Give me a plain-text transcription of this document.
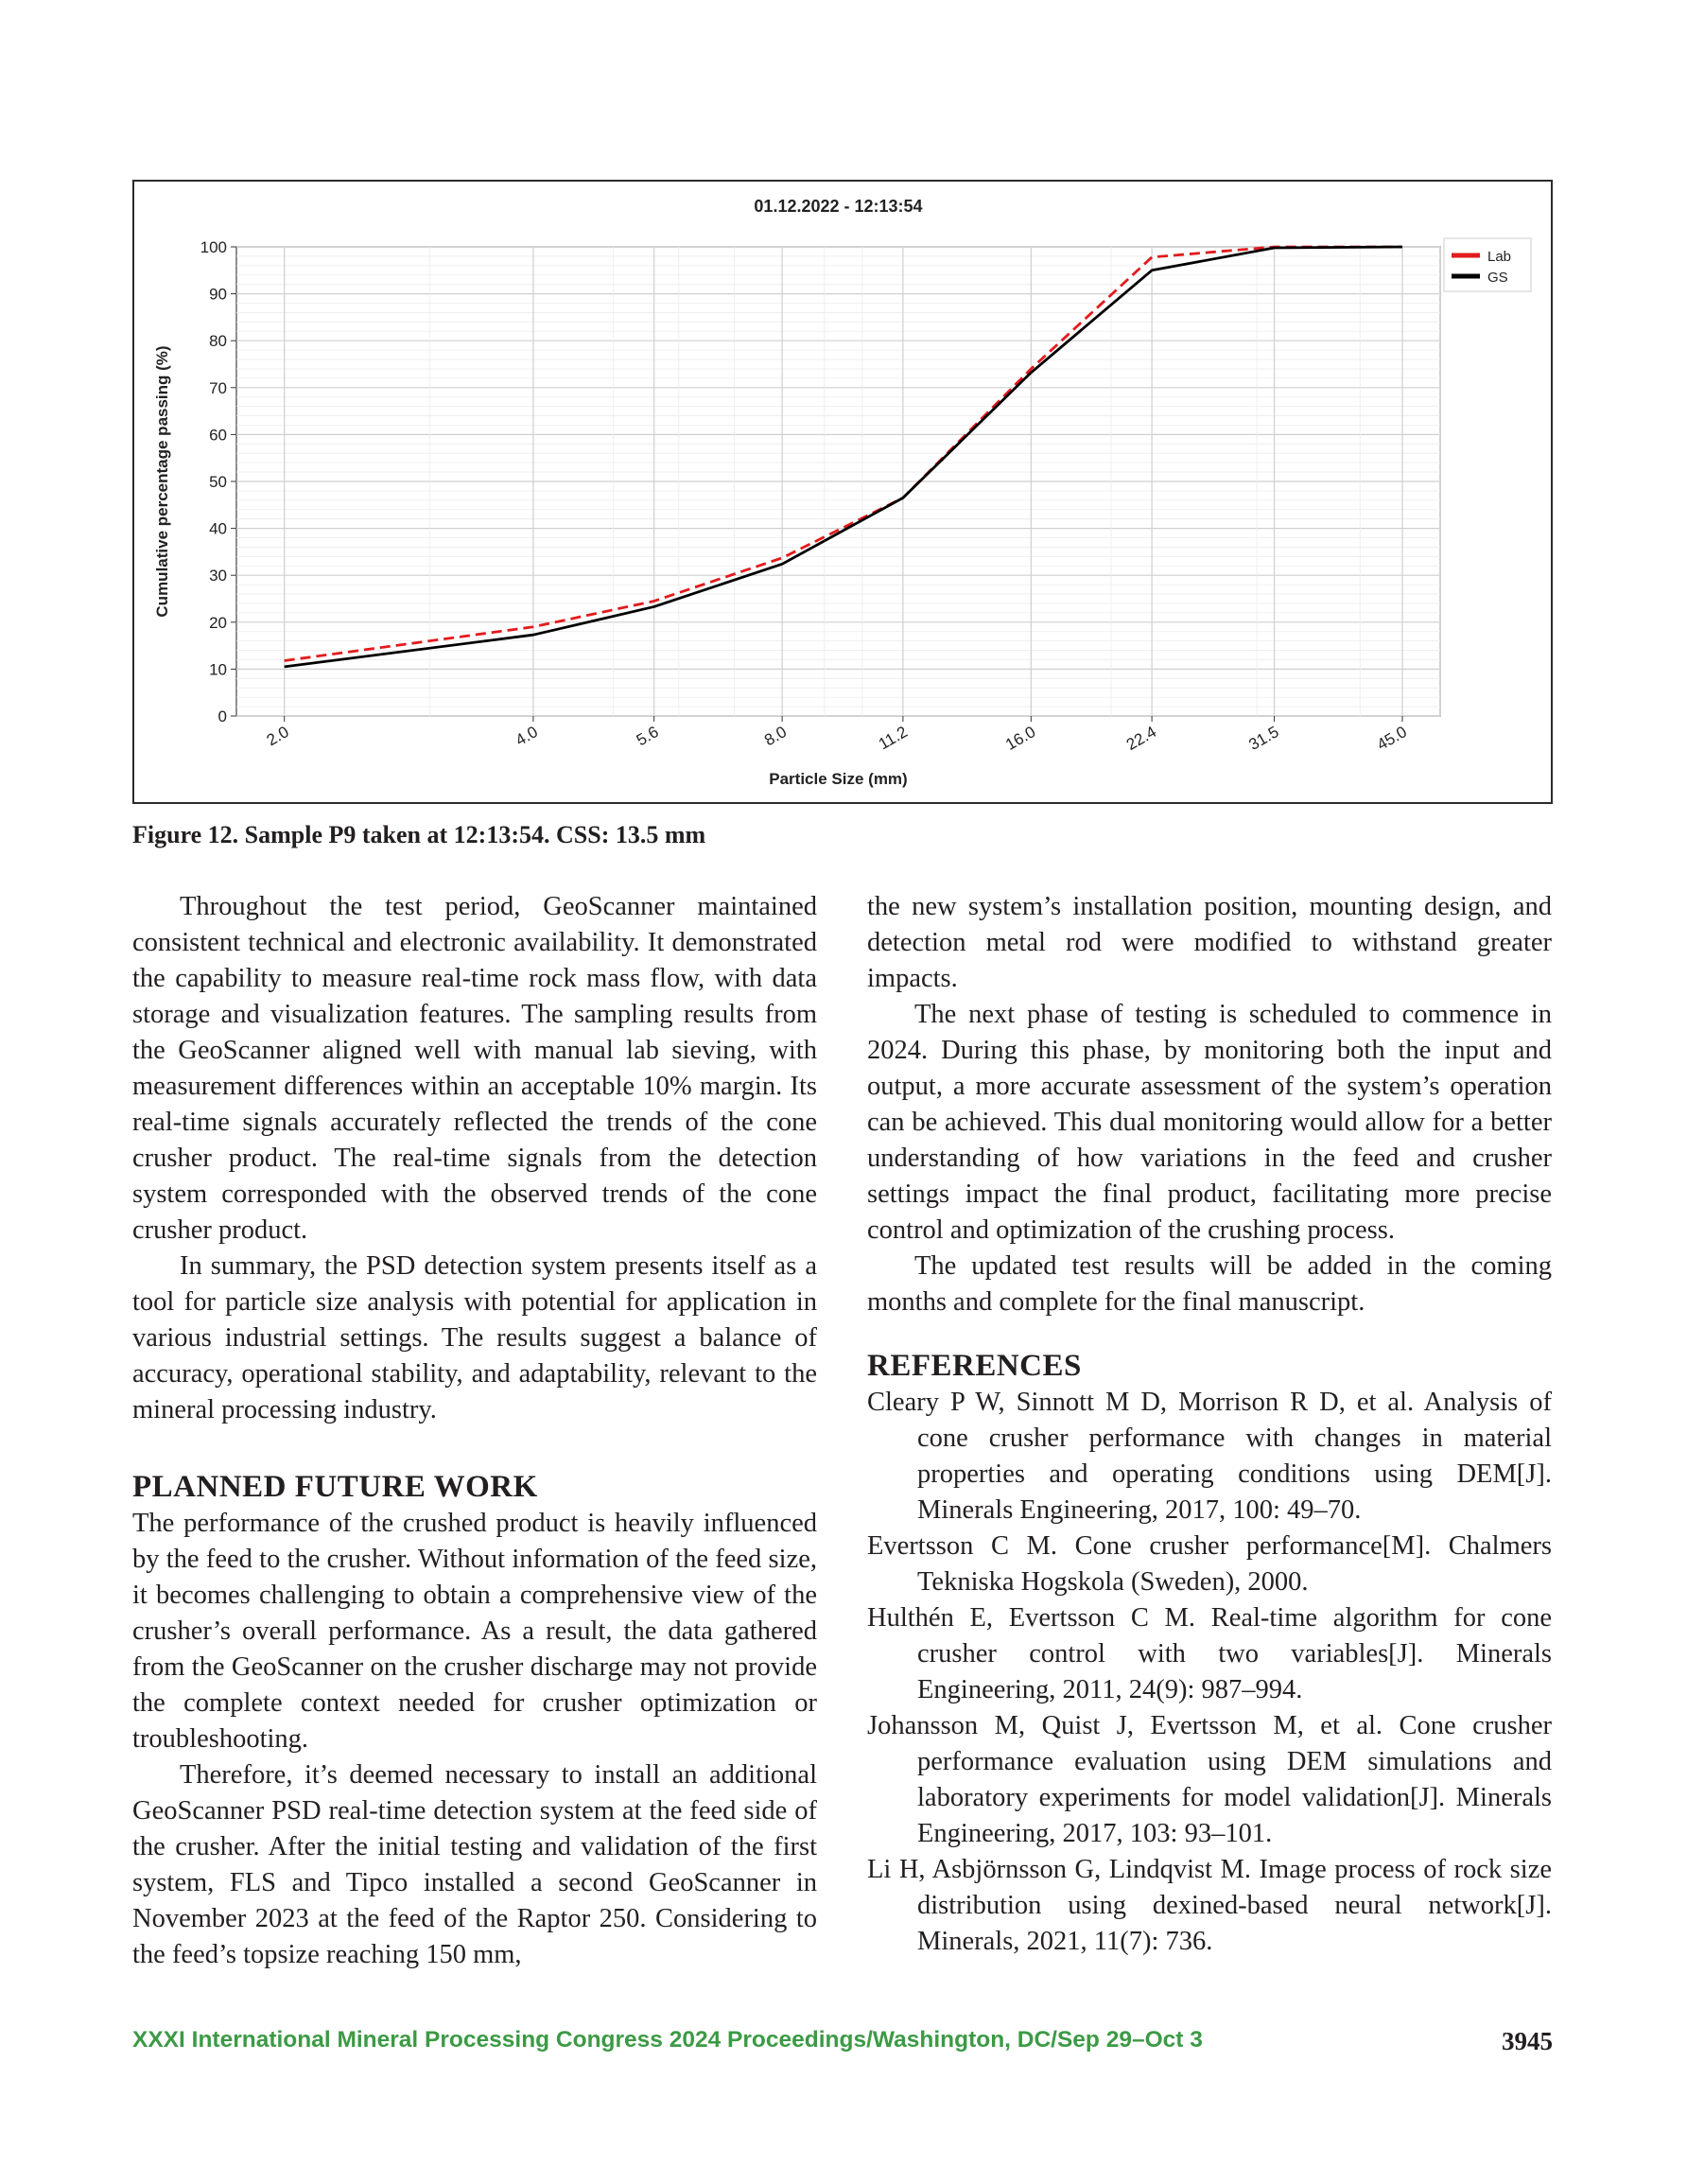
0
10
20
30
40
50
60
70
80
90
100
2.0	4.0	5.6	8.0	11.2	16.0	22.4	31.5	45.0
01.12.2022 - 12:13:54
Particle Size (mm)
Cumulative percentage passing (%)
Lab
GS
Figure 12. Sample P9 taken at 12:13:54. CSS: 13.5 mm

Throughout the test period, GeoScanner maintained consistent technical and electronic availability. It demonstrated the capability to measure real-time rock mass flow, with data storage and visualization features. The sampling results from the GeoScanner aligned well with manual lab sieving, with measurement differences within an acceptable 10% margin. Its real-time signals accurately reflected the trends of the cone crusher product. The real-time signals from the detection system corresponded with the observed trends of the cone crusher product.

In summary, the PSD detection system presents itself as a tool for particle size analysis with potential for application in various industrial settings. The results suggest a balance of accuracy, operational stability, and adaptability, relevant to the mineral processing industry.

PLANNED FUTURE WORK

The performance of the crushed product is heavily influenced by the feed to the crusher. Without information of the feed size, it becomes challenging to obtain a comprehensive view of the crusher’s overall performance. As a result, the data gathered from the GeoScanner on the crusher discharge may not provide the complete context needed for crusher optimization or troubleshooting.

Therefore, it’s deemed necessary to install an additional GeoScanner PSD real-time detection system at the feed side of the crusher. After the initial testing and validation of the first system, FLS and Tipco installed a second GeoScanner in November 2023 at the feed of the Raptor 250. Considering to the feed’s topsize reaching 150 mm,

the new system’s installation position, mounting design, and detection metal rod were modified to withstand greater impacts.

The next phase of testing is scheduled to commence in 2024. During this phase, by monitoring both the input and output, a more accurate assessment of the system’s operation can be achieved. This dual monitoring would allow for a better understanding of how variations in the feed and crusher settings impact the final product, facilitating more precise control and optimization of the crushing process.

The updated test results will be added in the coming months and complete for the final manuscript.

REFERENCES
Cleary P W, Sinnott M D, Morrison R D, et al. Analysis of cone crusher performance with changes in material properties and operating conditions using DEM[J]. Minerals Engineering, 2017, 100: 49–70.
Evertsson C M. Cone crusher performance[M]. Chalmers Tekniska Hogskola (Sweden), 2000.
Hulthén E, Evertsson C M. Real-time algorithm for cone crusher control with two variables[J]. Minerals Engineering, 2011, 24(9): 987–994.
Johansson M, Quist J, Evertsson M, et al. Cone crusher performance evaluation using DEM simulations and laboratory experiments for model validation[J]. Minerals Engineering, 2017, 103: 93–101.
Li H, Asbjörnsson G, Lindqvist M. Image process of rock size distribution using dexined-based neural network[J]. Minerals, 2021, 11(7): 736.
XXXI International Mineral Processing Congress 2024 Proceedings/Washington, DC/Sep 29–Oct 3	3945
